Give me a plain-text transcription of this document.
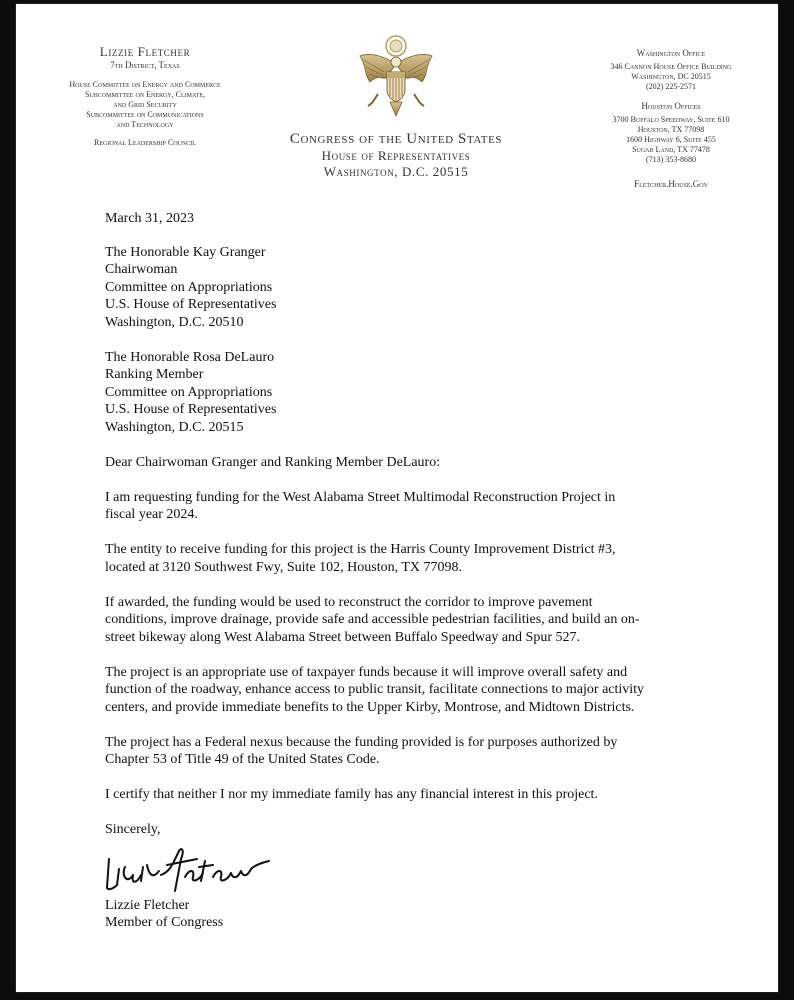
Lizzie Fletcher
7th District, Texas
House Committee on Energy and Commerce
Subcommittee on Energy, Climate,
and Grid Security
Subcommittee on Communications
and Technology
Regional Leadership Council	Congress of the United States
House of Representatives
Washington, D.C. 20515
Washington Office
346 Cannon House Office Building
Washington, DC 20515
(202) 225-2571
Houston Offices
3700 Buffalo Speedway, Suite 610
Houston, TX 77098
1600 Highway 6, Suite 455
Sugar Land, TX 77478
(713) 353-8680
Fletcher.House.Gov

March 31, 2023

The Honorable Kay Granger

Chairwoman

Committee on Appropriations

U.S. House of Representatives

Washington, D.C. 20510

The Honorable Rosa DeLauro

Ranking Member

Committee on Appropriations

U.S. House of Representatives

Washington, D.C. 20515

Dear Chairwoman Granger and Ranking Member DeLauro:

I am requesting funding for the West Alabama Street Multimodal Reconstruction Project in

fiscal year 2024.

The entity to receive funding for this project is the Harris County Improvement District #3,

located at 3120 Southwest Fwy, Suite 102, Houston, TX 77098.

If awarded, the funding would be used to reconstruct the corridor to improve pavement

conditions, improve drainage, provide safe and accessible pedestrian facilities, and build an on-

street bikeway along West Alabama Street between Buffalo Speedway and Spur 527.

The project is an appropriate use of taxpayer funds because it will improve overall safety and

function of the roadway, enhance access to public transit, facilitate connections to major activity

centers, and provide immediate benefits to the Upper Kirby, Montrose, and Midtown Districts.

The project has a Federal nexus because the funding provided is for purposes authorized by

Chapter 53 of Title 49 of the United States Code.

I certify that neither I nor my immediate family has any financial interest in this project.

Sincerely,

Lizzie Fletcher

Member of Congress
